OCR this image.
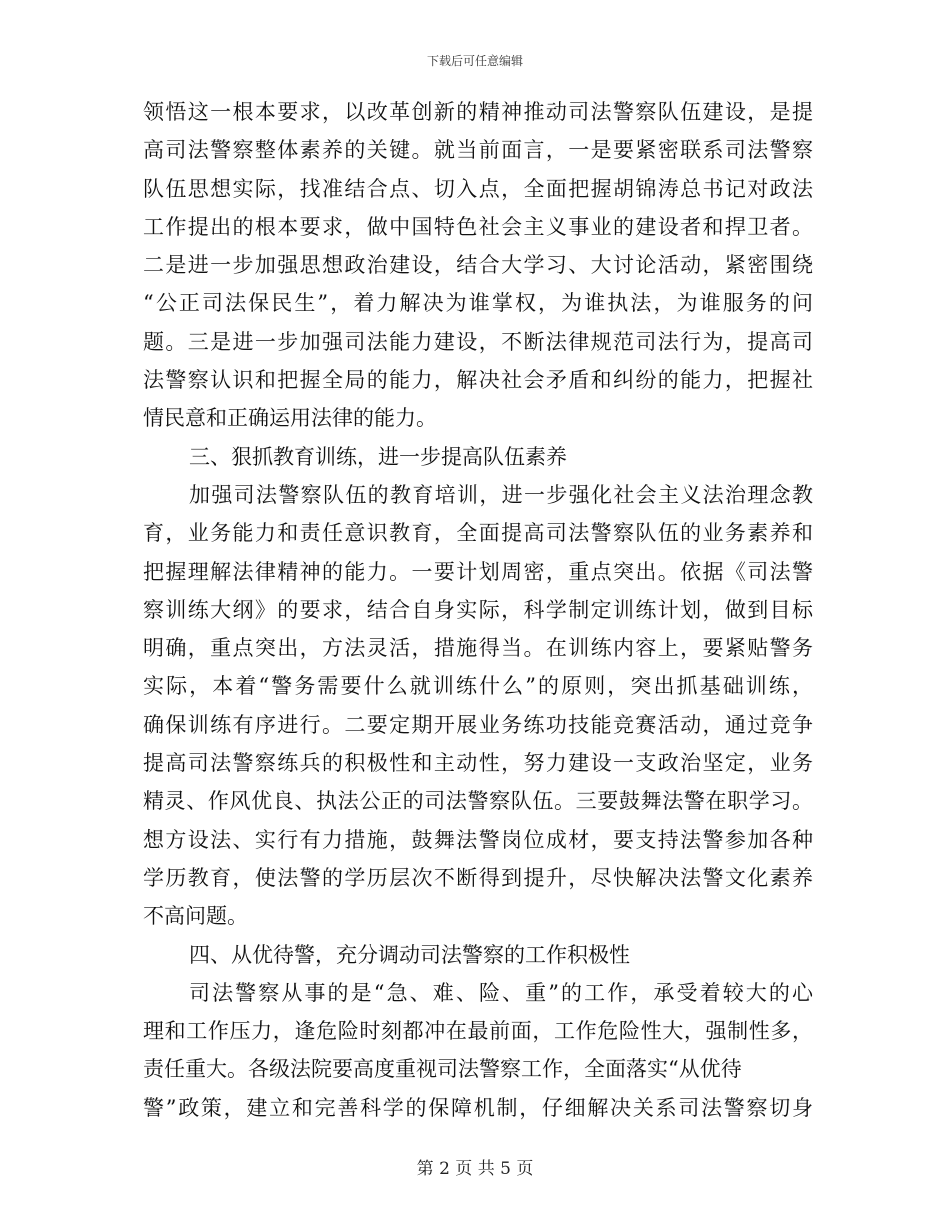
下载后可任意编辑
领悟这一根本要求，以改革创新的精神推动司法警察队伍建设，是提
高司法警察整体素养的关键。就当前面言，一是要紧密联系司法警察
队伍思想实际，找准结合点、切入点，全面把握胡锦涛总书记对政法
工作提出的根本要求，做中国特色社会主义事业的建设者和捍卫者。
二是进一步加强思想政治建设，结合大学习、大讨论活动，紧密围绕
“公正司法保民生”，着力解决为谁掌权，为谁执法，为谁服务的问
题。三是进一步加强司法能力建设，不断法律规范司法行为，提高司
法警察认识和把握全局的能力，解决社会矛盾和纠纷的能力，把握社
情民意和正确运用法律的能力。
三、狠抓教育训练，进一步提高队伍素养
加强司法警察队伍的教育培训，进一步强化社会主义法治理念教
育，业务能力和责任意识教育，全面提高司法警察队伍的业务素养和
把握理解法律精神的能力。一要计划周密，重点突出。依据《司法警
察训练大纲》的要求，结合自身实际，科学制定训练计划，做到目标
明确，重点突出，方法灵活，措施得当。在训练内容上，要紧贴警务
实际，本着“警务需要什么就训练什么”的原则，突出抓基础训练，
确保训练有序进行。二要定期开展业务练功技能竞赛活动，通过竞争
提高司法警察练兵的积极性和主动性，努力建设一支政治坚定，业务
精灵、作风优良、执法公正的司法警察队伍。三要鼓舞法警在职学习。
想方设法、实行有力措施，鼓舞法警岗位成材，要支持法警参加各种
学历教育，使法警的学历层次不断得到提升，尽快解决法警文化素养
不高问题。
四、从优待警，充分调动司法警察的工作积极性
司法警察从事的是“急、难、险、重”的工作，承受着较大的心
理和工作压力，逢危险时刻都冲在最前面，工作危险性大，强制性多，
责任重大。各级法院要高度重视司法警察工作，全面落实“从优待
警”政策，建立和完善科学的保障机制，仔细解决关系司法警察切身
第 2 页 共 5 页
